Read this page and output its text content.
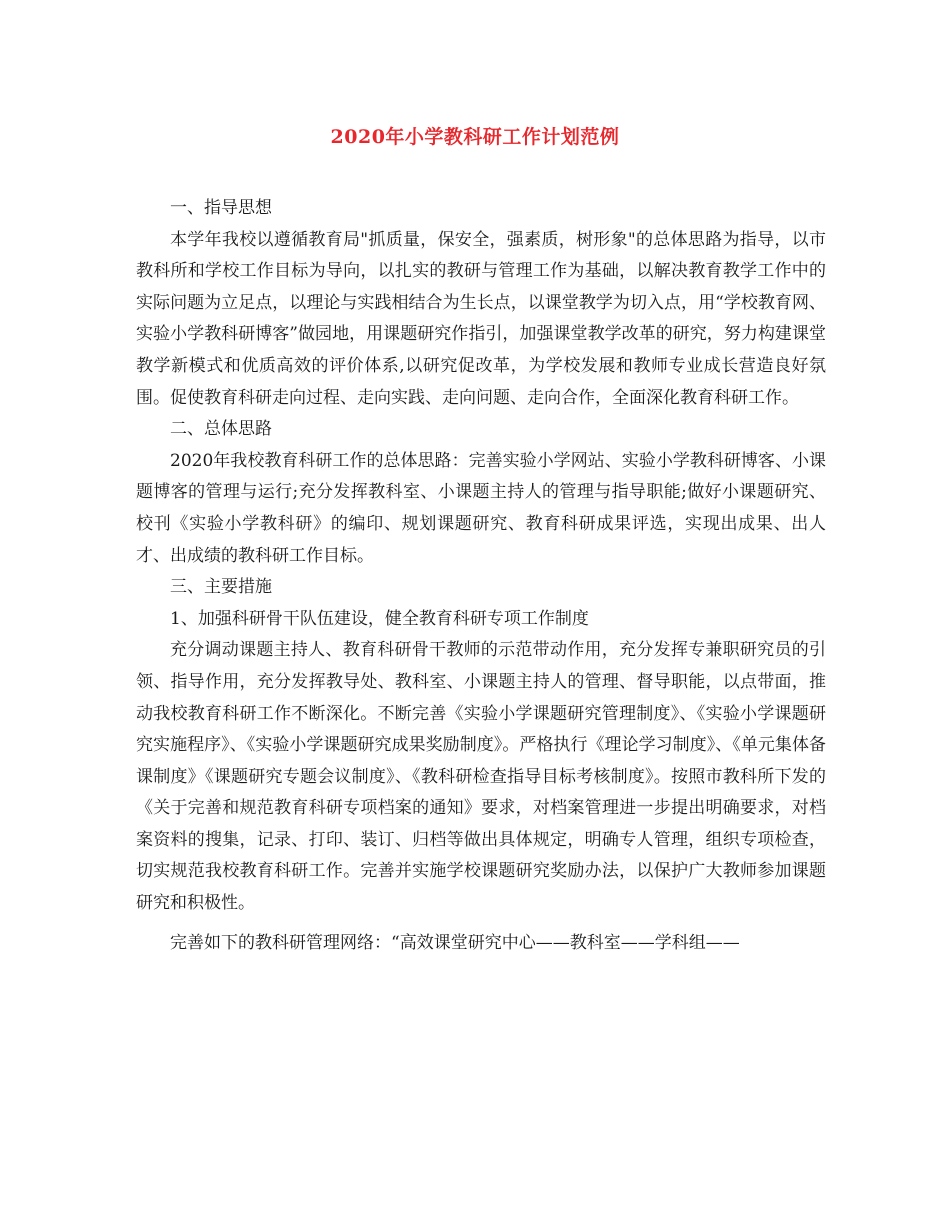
2020年小学教科研工作计划范例

一、指导思想

本学年我校以遵循教育局"抓质量，保安全，强素质，树形象"的总体思路为指导，以市教科所和学校工作目标为导向，以扎实的教研与管理工作为基础，以解决教育教学工作中的实际问题为立足点，以理论与实践相结合为生长点，以课堂教学为切入点，用“学校教育网、实验小学教科研博客”做园地，用课题研究作指引，加强课堂教学改革的研究，努力构建课堂教学新模式和优质高效的评价体系,以研究促改革，为学校发展和教师专业成长营造良好氛围。促使教育科研走向过程、走向实践、走向问题、走向合作，全面深化教育科研工作。

二、总体思路

2020年我校教育科研工作的总体思路：完善实验小学网站、实验小学教科研博客、小课题博客的管理与运行;充分发挥教科室、小课题主持人的管理与指导职能;做好小课题研究、校刊《实验小学教科研》的编印、规划课题研究、教育科研成果评选，实现出成果、出人才、出成绩的教科研工作目标。

三、主要措施

1、加强科研骨干队伍建设，健全教育科研专项工作制度

充分调动课题主持人、教育科研骨干教师的示范带动作用，充分发挥专兼职研究员的引领、指导作用，充分发挥教导处、教科室、小课题主持人的管理、督导职能，以点带面，推动我校教育科研工作不断深化。不断完善《实验小学课题研究管理制度》、《实验小学课题研究实施程序》、《实验小学课题研究成果奖励制度》。严格执行《理论学习制度》、《单元集体备课制度》《课题研究专题会议制度》、《教科研检查指导目标考核制度》。按照市教科所下发的《关于完善和规范教育科研专项档案的通知》要求，对档案管理进一步提出明确要求，对档案资料的搜集，记录、打印、装订、归档等做出具体规定，明确专人管理，组织专项检查，切实规范我校教育科研工作。完善并实施学校课题研究奖励办法，以保护广大教师参加课题研究和积极性。

完善如下的教科研管理网络：“高效课堂研究中心——教科室——学科组——
